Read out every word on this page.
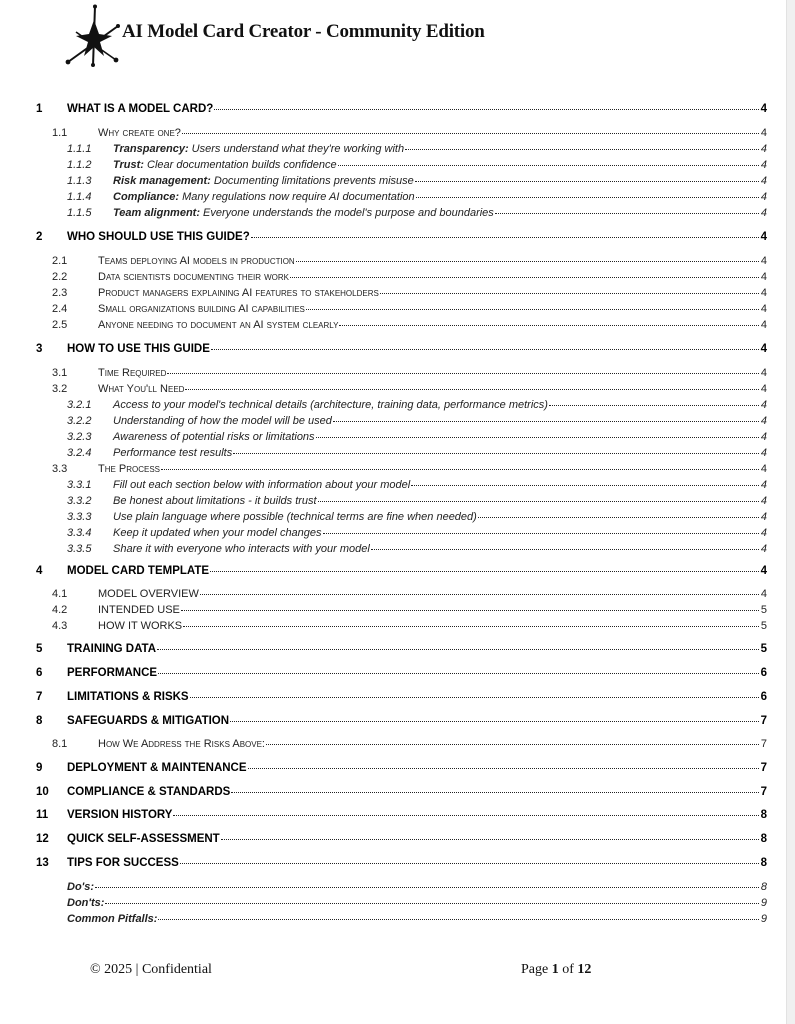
AI Model Card Creator - Community Edition
1 WHAT IS A MODEL CARD?	4
1.1	Why create one?	4
1.1.1 Transparency: Users understand what they're working with	4
1.1.2 Trust: Clear documentation builds confidence	4
1.1.3 Risk management: Documenting limitations prevents misuse	4
1.1.4 Compliance: Many regulations now require AI documentation	4
1.1.5 Team alignment: Everyone understands the model's purpose and boundaries	4
2 WHO SHOULD USE THIS GUIDE?	4
2.1	Teams deploying AI models in production	4
2.2	Data scientists documenting their work	4
2.3	Product managers explaining AI features to stakeholders	4
2.4	Small organizations building AI capabilities	4
2.5	Anyone needing to document an AI system clearly	4
3 HOW TO USE THIS GUIDE	4
3.1	Time Required	4
3.2	What You'll Need	4
3.2.1 Access to your model's technical details (architecture, training data, performance metrics)	4
3.2.2 Understanding of how the model will be used	4
3.2.3 Awareness of potential risks or limitations	4
3.2.4 Performance test results	4
3.3	The Process	4
3.3.1 Fill out each section below with information about your model	4
3.3.2 Be honest about limitations - it builds trust	4
3.3.3 Use plain language where possible (technical terms are fine when needed)	4
3.3.4 Keep it updated when your model changes	4
3.3.5 Share it with everyone who interacts with your model	4
4 MODEL CARD TEMPLATE	4
4.1	MODEL OVERVIEW	4
4.2	INTENDED USE	5
4.3	HOW IT WORKS	5
5 TRAINING DATA	5
6 PERFORMANCE	6
7 LIMITATIONS & RISKS	6
8 SAFEGUARDS & MITIGATION	7
8.1	How We Address the Risks Above:	7
9 DEPLOYMENT & MAINTENANCE	7
10 COMPLIANCE & STANDARDS	7
11 VERSION HISTORY	8
12 QUICK SELF-ASSESSMENT	8
13 TIPS FOR SUCCESS	8
Do's:	8
Don'ts:	9
Common Pitfalls:	9
© 2025 | Confidential	Page 1 of 12
